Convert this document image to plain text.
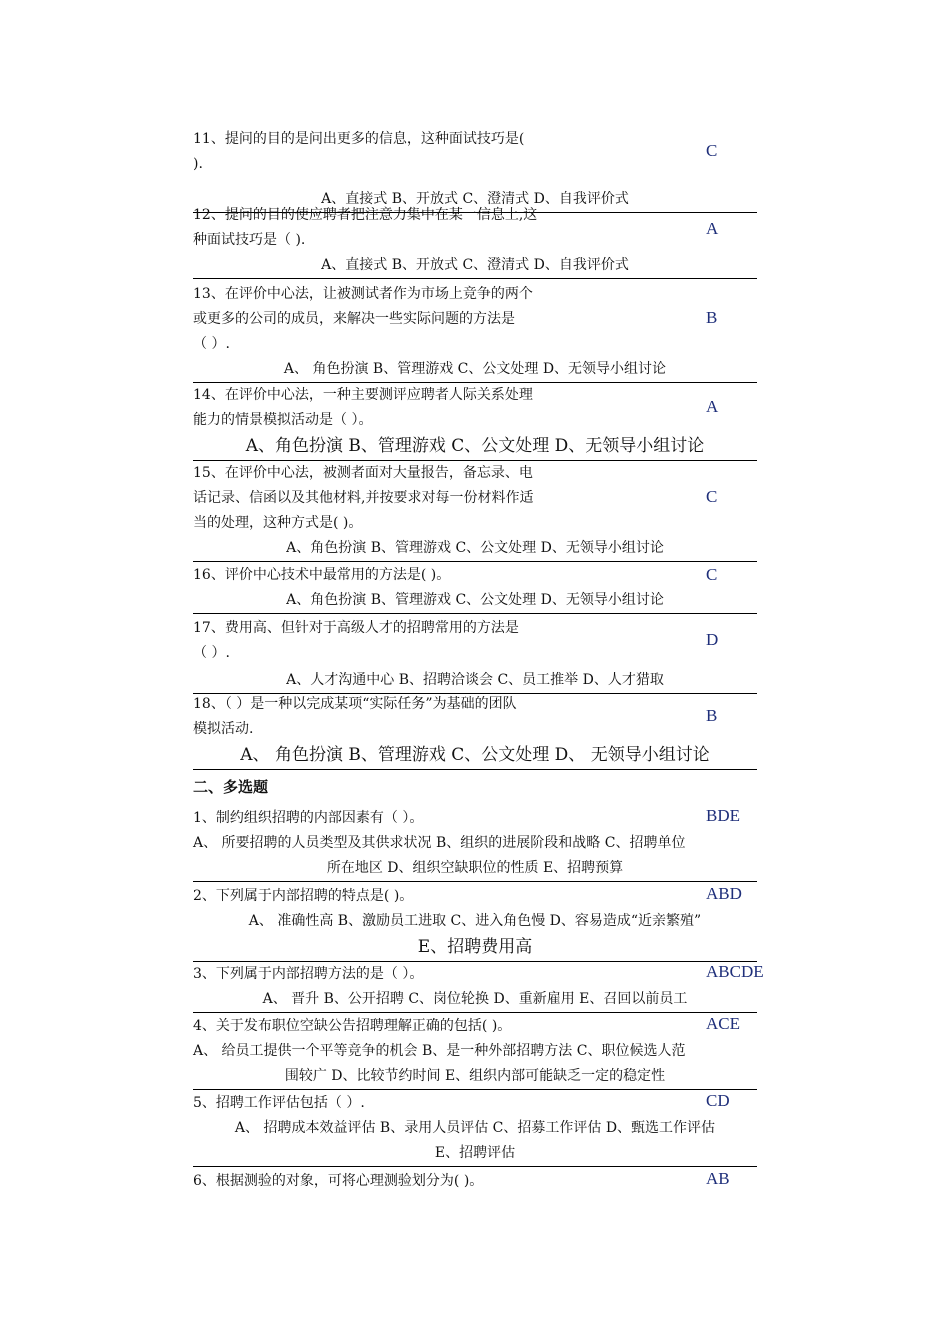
11、提问的目的是问出更多的信息，这种面试技巧是(
).
C
A、直接式 B、开放式 C、澄清式 D、自我评价式
12、提问的目的使应聘者把注意力集中在某一信息上,这
种面试技巧是（ ).
A
A、直接式 B、开放式 C、澄清式 D、自我评价式
13、在评价中心法，让被测试者作为市场上竞争的两个
或更多的公司的成员，来解决一些实际问题的方法是
（ ）.
B
A、 角色扮演 B、管理游戏 C、公文处理 D、无领导小组讨论
14、在评价中心法，一种主要测评应聘者人际关系处理
能力的情景模拟活动是（ ）。
A
A、角色扮演 B、管理游戏 C、公文处理 D、无领导小组讨论
15、在评价中心法，被测者面对大量报告，备忘录、电
话记录、信函以及其他材料,并按要求对每一份材料作适
当的处理，这种方式是( )。
C
A、角色扮演 B、管理游戏 C、公文处理 D、无领导小组讨论
16、评价中心技术中最常用的方法是( )。	C
A、角色扮演 B、管理游戏 C、公文处理 D、无领导小组讨论
17、费用高、但针对于高级人才的招聘常用的方法是
（ ）.
D
A、人才沟通中心 B、招聘洽谈会 C、员工推举 D、人才猎取
18、（ ）是一种以完成某项“实际任务”为基础的团队
模拟活动.
B
A、 角色扮演 B、管理游戏 C、公文处理 D、 无领导小组讨论
二、多选题
1、制约组织招聘的内部因素有（ ）。	BDE
A、 所要招聘的人员类型及其供求状况 B、组织的进展阶段和战略 C、招聘单位
所在地区 D、组织空缺职位的性质 E、招聘预算
2、下列属于内部招聘的特点是( )。	ABD
A、 准确性高 B、激励员工进取 C、进入角色慢 D、容易造成“近亲繁殖”
E、招聘费用高
3、下列属于内部招聘方法的是（ ）。	ABCDE
A、 晋升 B、公开招聘 C、岗位轮换 D、重新雇用 E、召回以前员工
4、关于发布职位空缺公告招聘理解正确的包括( )。	ACE
A、 给员工提供一个平等竞争的机会 B、是一种外部招聘方法 C、职位候选人范
围较广 D、比较节约时间 E、组织内部可能缺乏一定的稳定性
5、招聘工作评估包括（ ）.	CD
A、 招聘成本效益评估 B、录用人员评估 C、招募工作评估 D、甄选工作评估
E、招聘评估
6、根据测验的对象，可将心理测验划分为( )。	AB
